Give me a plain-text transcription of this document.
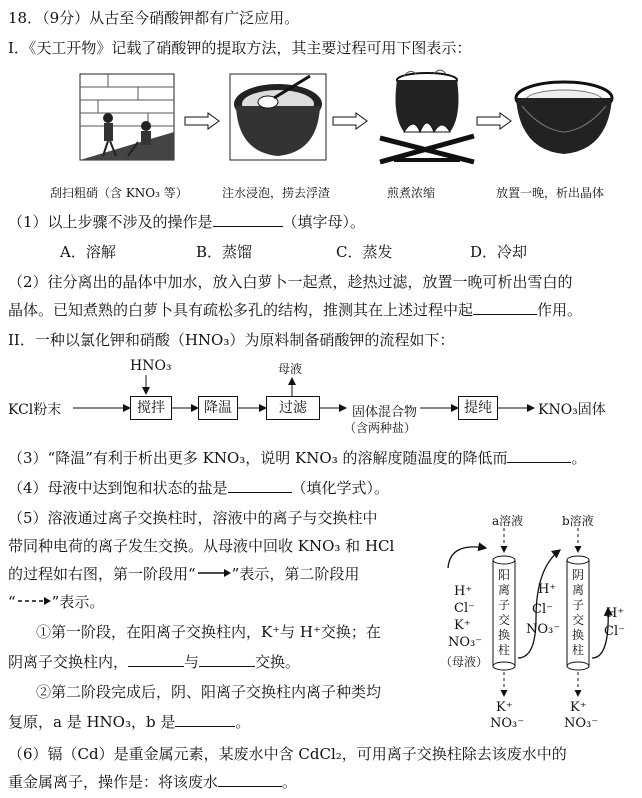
18．（9分）从古至今硝酸钾都有广泛应用。
I．《天工开物》记载了硝酸钾的提取方法，其主要过程可用下图表示：
刮扫粗硝（含 KNO₃ 等）	注水浸泡，捞去浮渣	煎煮浓缩	放置一晚，析出晶体
（1）以上步骤不涉及的操作是	（填字母）。
A．溶解	B．蒸馏	C．蒸发	D．冷却
（2）往分离出的晶体中加水，放入白萝卜一起煮，趁热过滤，放置一晚可析出雪白的
晶体。已知煮熟的白萝卜具有疏松多孔的结构，推测其在上述过程中起	作用。
II．一种以氯化钾和硝酸（HNO₃）为原料制备硝酸钾的流程如下：
KCl粉末
HNO₃
搅拌	降温
母液
过滤	固体混合物
（含两种盐）
提纯	KNO₃固体
（3）“降温”有利于析出更多 KNO₃，说明 KNO₃ 的溶解度随温度的降低而	。
（4）母液中达到饱和状态的盐是	（填化学式）。
（5）溶液通过离子交换柱时，溶液中的离子与交换柱中
带同种电荷的离子发生交换。从母液中回收 KNO₃ 和 HCl
的过程如右图，第一阶段用“ ”表示，第二阶段用
“ ”表示。
①第一阶段，在阳离子交换柱内，K⁺与 H⁺交换；在
阴离子交换柱内，	与	交换。
②第二阶段完成后，阴、阳离子交换柱内离子种类均
复原，a 是 HNO₃，b 是	。
a溶液	b溶液
阳离子交换柱
阴离子交换柱
H⁺
Cl⁻
K⁺
NO₃⁻
（母液）
H⁺
Cl⁻
NO₃⁻
H⁺
Cl⁻
K⁺
NO₃⁻
K⁺
NO₃⁻
（6）镉（Cd）是重金属元素，某废水中含 CdCl₂，可用离子交换柱除去该废水中的
重金属离子，操作是：将该废水	。
